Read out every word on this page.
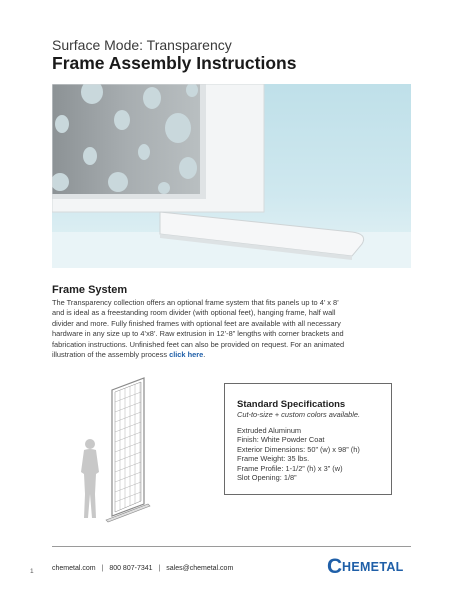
Surface Mode: Transparency
Frame Assembly Instructions
Frame System
The Transparency collection offers an optional frame system that fits panels up to 4’ x 8’
and is ideal as a freestanding room divider (with optional feet), hanging frame, half wall
divider and more. Fully finished frames with optional feet are available with all necessary
hardware in any size up to 4’x8’. Raw extrusion in 12’-8” lengths with corner brackets and
fabrication instructions. Unfinished feet can also be provided on request. For an animated
illustration of the assembly process click here.
Standard Specifications
Cut-to-size + custom colors available.
Extruded Aluminum
Finish: White Powder Coat
Exterior Dimensions: 50” (w) x 98” (h)
Frame Weight: 35 lbs.
Frame Profile: 1-1/2” (h) x 3” (w)
Slot Opening: 1/8”
1	chemetal.com | 800 807-7341 | sales@chemetal.com	C HEMETAL
